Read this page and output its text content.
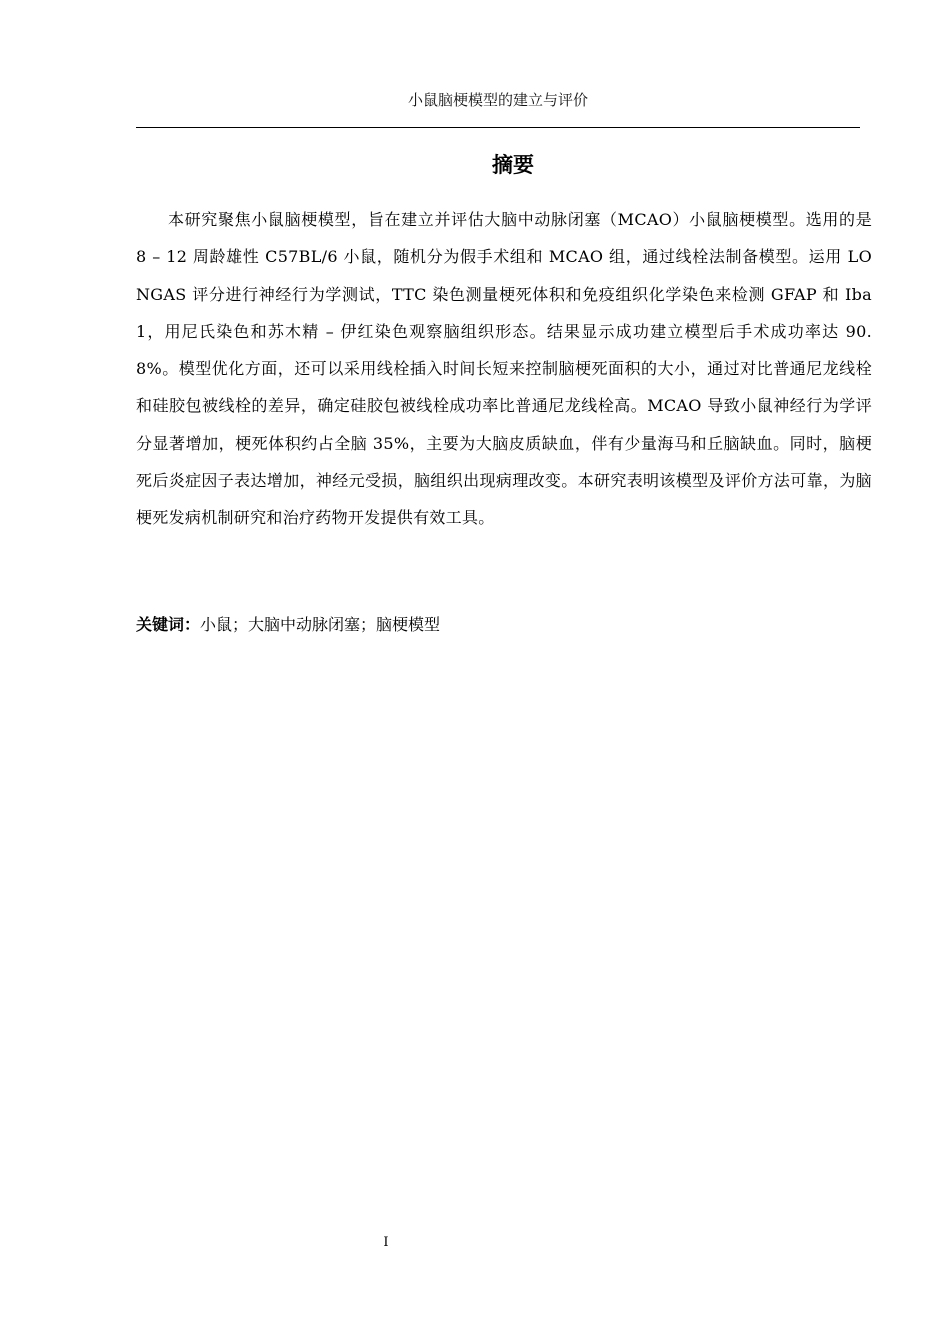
小鼠脑梗模型的建立与评价
摘要

本研究聚焦小鼠脑梗模型，旨在建立并评估大脑中动脉闭塞（MCAO）小鼠脑梗模型。选用的是 8 – 12 周龄雄性 C57BL/6 小鼠，随机分为假手术组和 MCAO 组，通过线栓法制备模型。运用 LONGAS 评分进行神经行为学测试，TTC 染色测量梗死体积和免疫组织化学染色来检测 GFAP 和 Iba1，用尼氏染色和苏木精 – 伊红染色观察脑组织形态。结果显示成功建立模型后手术成功率达 90.8%。模型优化方面，还可以采用线栓插入时间长短来控制脑梗死面积的大小，通过对比普通尼龙线栓和硅胶包被线栓的差异，确定硅胶包被线栓成功率比普通尼龙线栓高。MCAO 导致小鼠神经行为学评分显著增加，梗死体积约占全脑 35%，主要为大脑皮质缺血，伴有少量海马和丘脑缺血。同时，脑梗死后炎症因子表达增加，神经元受损，脑组织出现病理改变。本研究表明该模型及评价方法可靠，为脑梗死发病机制研究和治疗药物开发提供有效工具。

关键词：小鼠；大脑中动脉闭塞；脑梗模型
I
